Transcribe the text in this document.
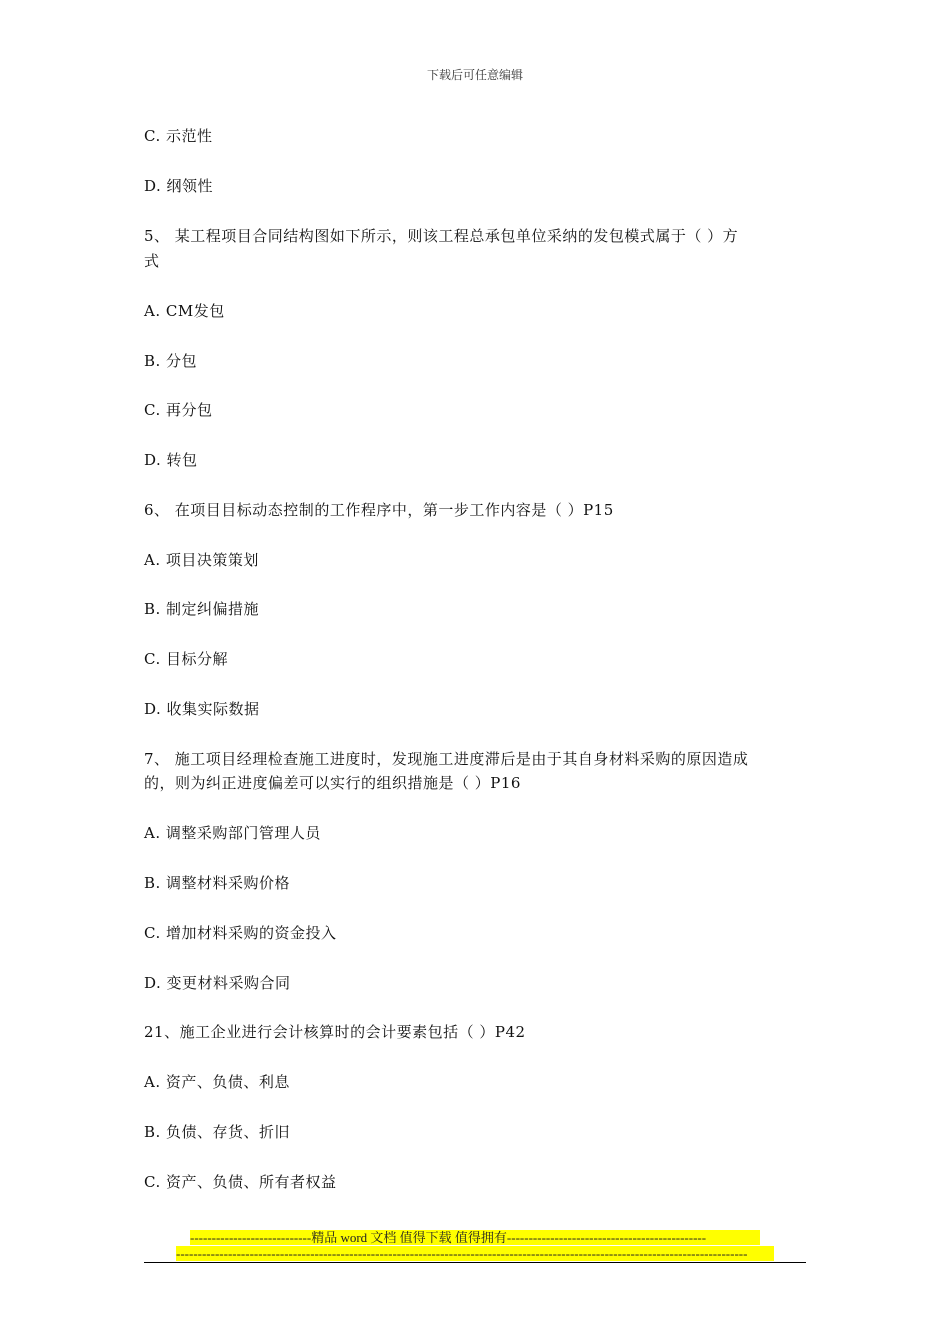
下载后可任意编辑
C. 示范性
D. 纲领性
5、 某工程项目合同结构图如下所示，则该工程总承包单位采纳的发包模式属于（ ）方
式
A. CM发包
B. 分包
C. 再分包
D. 转包
6、 在项目目标动态控制的工作程序中，第一步工作内容是（ ）P15
A. 项目决策策划
B. 制定纠偏措施
C. 目标分解
D. 收集实际数据
7、 施工项目经理检查施工进度时，发现施工进度滞后是由于其自身材料采购的原因造成
的，则为纠正进度偏差可以实行的组织措施是（ ）P16
A. 调整采购部门管理人员
B. 调整材料采购价格
C. 增加材料采购的资金投入
D. 变更材料采购合同
21、施工企业进行会计核算时的会计要素包括（ ）P42
A. 资产、负债、利息
B. 负债、存货、折旧
C. 资产、负债、所有者权益
----------------------------精品 word 文档 值得下载 值得拥有----------------------------------------------
------------------------------------------------------------------------------------------------------------------------------------
